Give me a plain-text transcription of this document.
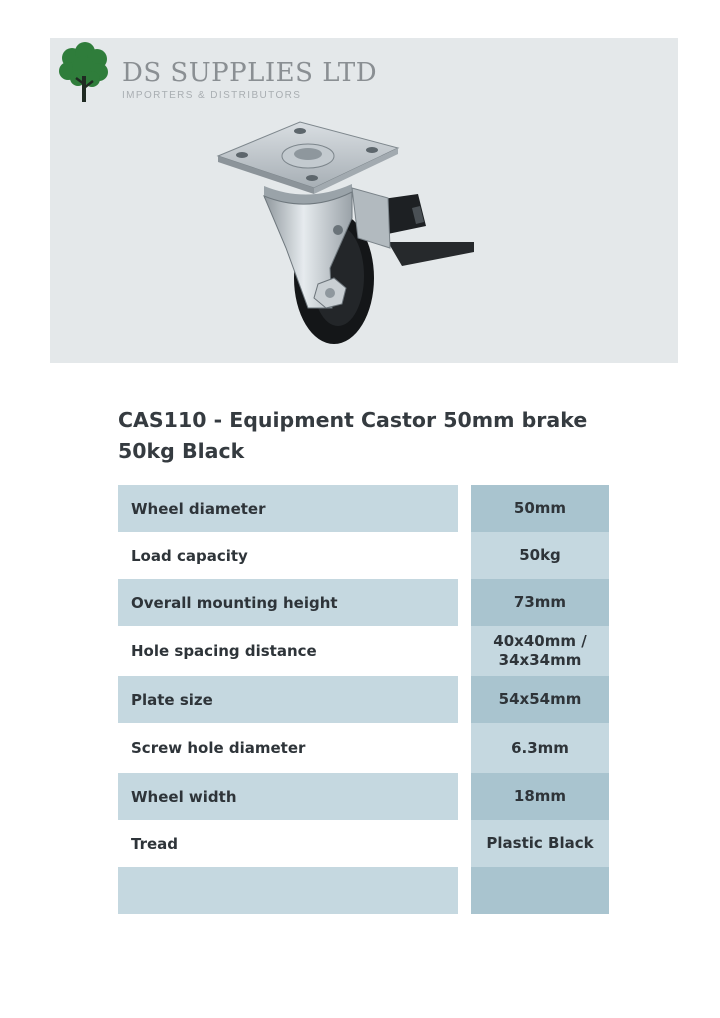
DS SUPPLIES LTD
IMPORTERS & DISTRIBUTORS
CAS110 - Equipment Castor 50mm brake
50kg Black
Wheel diameter		50mm
Load capacity		50kg
Overall mounting height		73mm
Hole spacing distance		40x40mm /
34x34mm
Plate size		54x54mm
Screw hole diameter		6.3mm
Wheel width		18mm
Tread		Plastic Black
